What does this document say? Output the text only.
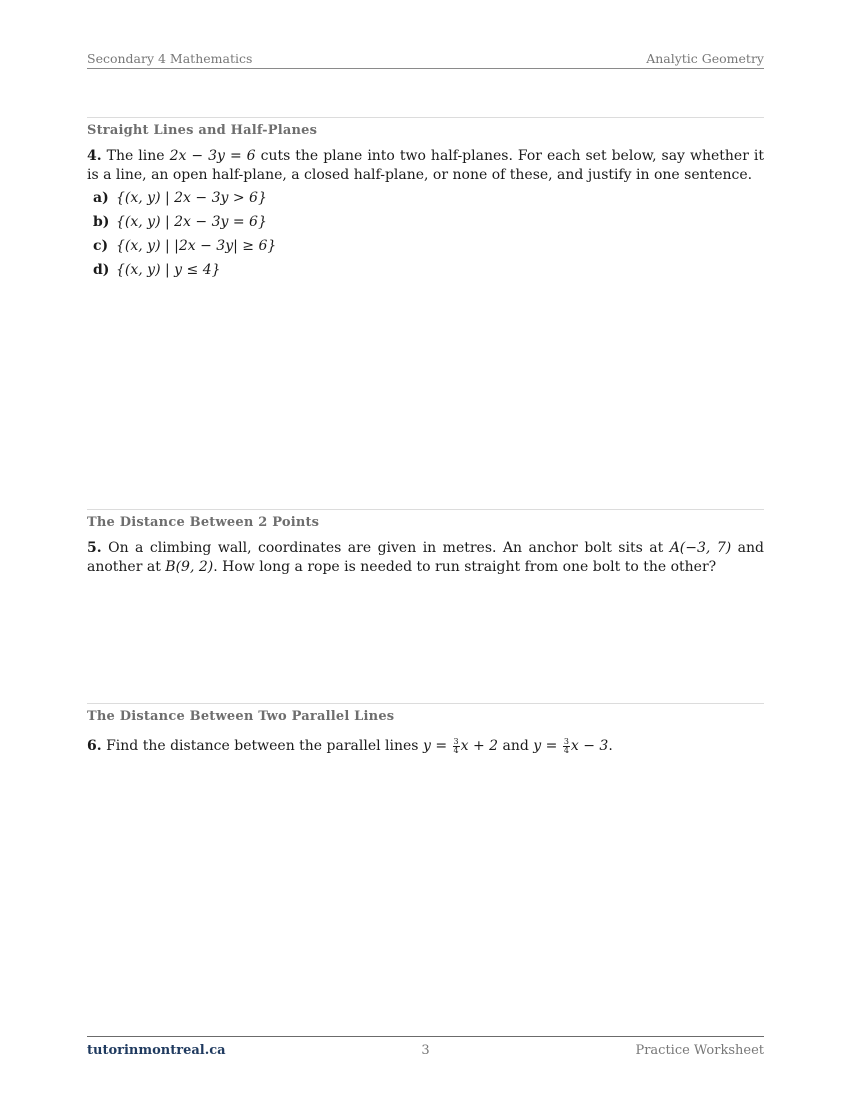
Secondary 4 Mathematics	Analytic Geometry
Straight Lines and Half-Planes
4. The line 2x − 3y = 6 cuts the plane into two half-planes. For each set below, say whether it is a line, an open half-plane, a closed half-plane, or none of these, and justify in one sentence.
a) {(x, y) | 2x − 3y > 6}
b) {(x, y) | 2x − 3y = 6}
c) {(x, y) | |2x − 3y| ≥ 6}
d) {(x, y) | y ≤ 4}
The Distance Between 2 Points
5. On a climbing wall, coordinates are given in metres. An anchor bolt sits at A(−3, 7) and another at B(9, 2). How long a rope is needed to run straight from one bolt to the other?
The Distance Between Two Parallel Lines
6. Find the distance between the parallel lines $y = \frac{3}{4}$ x + 2 and $y = \frac{3}{4}$ x − 3.
tutorinmontreal.ca	3	Practice Worksheet
